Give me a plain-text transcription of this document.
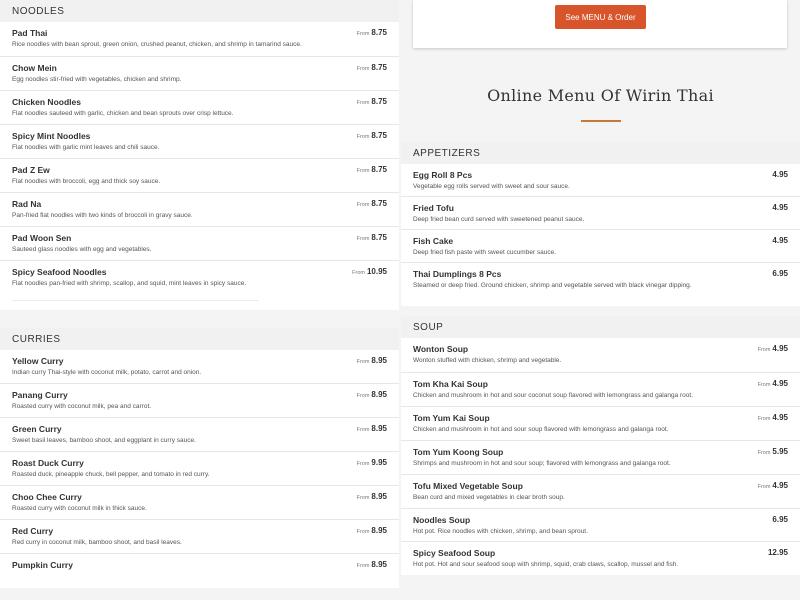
NOODLES
Pad Thai
Rice noodles with bean sprout, green onion, crushed peanut, chicken, and shrimp in tamarind sauce.
From 8.75
Chow Mein
Egg noodles stir-fried with vegetables, chicken and shrimp.
From 8.75
Chicken Noodles
Flat noodles sauteed with garlic, chicken and bean sprouts over crisp lettuce.
From 8.75
Spicy Mint Noodles
Flat noodles with garlic mint leaves and chili sauce.
From 8.75
Pad Z Ew
Flat noodles with broccoli, egg and thick soy sauce.
From 8.75
Rad Na
Pan-fried flat noodles with two kinds of broccoli in gravy sauce.
From 8.75
Pad Woon Sen
Sauteed glass noodles with egg and vegetables.
From 8.75
Spicy Seafood Noodles
Flat noodles pan-fried with shrimp, scallop, and squid, mint leaves in spicy sauce.
From 10.95
CURRIES
Yellow Curry
Indian curry Thai-style with coconut milk, potato, carrot and onion.
From 8.95
Panang Curry
Roasted curry with coconut milk, pea and carrot.
From 8.95
Green Curry
Sweet basil leaves, bamboo shoot, and eggplant in curry sauce.
From 8.95
Roast Duck Curry
Roasted duck, pineapple chuck, bell pepper, and tomato in red curry.
From 9.95
Choo Chee Curry
Roasted curry with coconut milk in thick sauce.
From 8.95
Red Curry
Red curry in coconut milk, bamboo shoot, and basil leaves.
From 8.95
Pumpkin Curry	From 8.95
See MENU & Order
Online Menu Of Wirin Thai
APPETIZERS
Egg Roll 8 Pcs
Vegetable egg rolls served with sweet and sour sauce.
4.95
Fried Tofu
Deep fried bean curd served with sweetened peanut sauce.
4.95
Fish Cake
Deep fried fish paste with sweet cucumber sauce.
4.95
Thai Dumplings 8 Pcs
Steamed or deep fried. Ground chicken, shrimp and vegetable served with black vinegar dipping.
6.95
SOUP
Wonton Soup
Wonton stuffed with chicken, shrimp and vegetable.
From 4.95
Tom Kha Kai Soup
Chicken and mushroom in hot and sour coconut soup flavored with lemongrass and galanga root.
From 4.95
Tom Yum Kai Soup
Chicken and mushroom in hot and sour soup flavored with lemongrass and galanga root.
From 4.95
Tom Yum Koong Soup
Shrimps and mushroom in hot and sour soup; flavored with lemongrass and galanga root.
From 5.95
Tofu Mixed Vegetable Soup
Bean curd and mixed vegetables in clear broth soup.
From 4.95
Noodles Soup
Hot pot. Rice noodles with chicken, shrimp, and bean sprout.
6.95
Spicy Seafood Soup
Hot pot. Hot and sour seafood soup with shrimp, squid, crab claws, scallop, mussel and fish.
12.95
